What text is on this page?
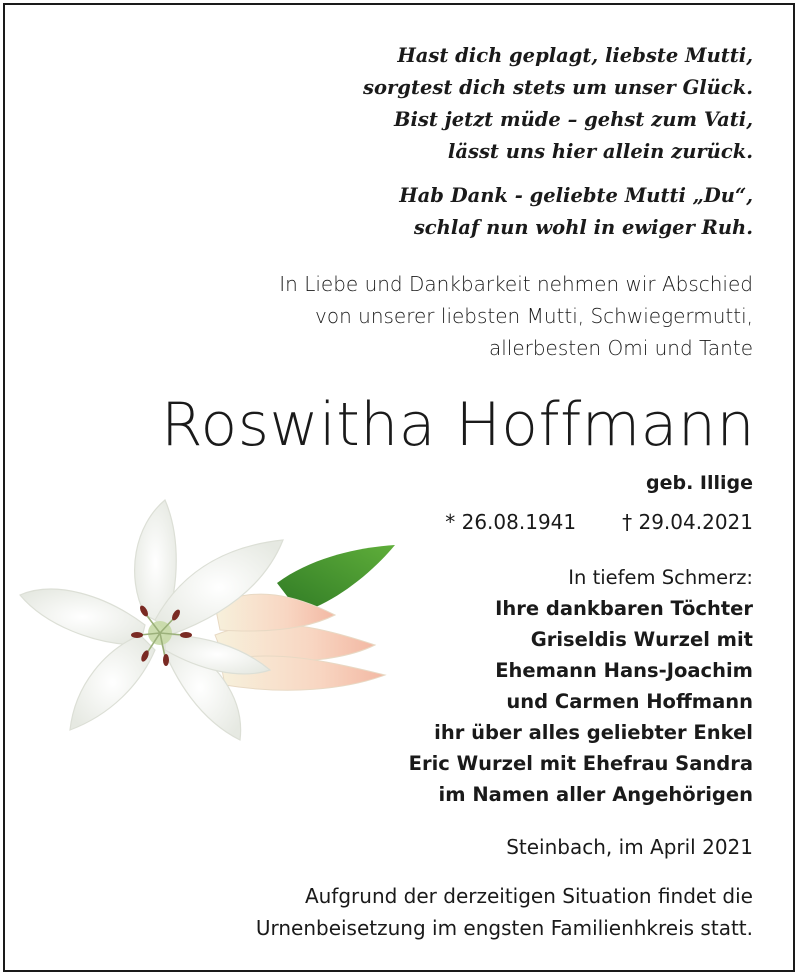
Hast dich geplagt, liebste Mutti,

sorgtest dich stets um unser Glück.

Bist jetzt müde – gehst zum Vati,

lässt uns hier allein zurück.

Hab Dank - geliebte Mutti „Du“,

schlaf nun wohl in ewiger Ruh.

In Liebe und Dankbarkeit nehmen wir Abschied
von unserer liebsten Mutti, Schwiegermutti,
allerbesten Omi und Tante
Roswitha Hoffmann
geb. Illige
* 26.08.1941 † 29.04.2021
In tiefem Schmerz:
Ihre dankbaren Töchter
Griseldis Wurzel mit
Ehemann Hans-Joachim
und Carmen Hoffmann
ihr über alles geliebter Enkel
Eric Wurzel mit Ehefrau Sandra
im Namen aller Angehörigen
Steinbach, im April 2021
Aufgrund der derzeitigen Situation findet die
Urnenbeisetzung im engsten Familienhkreis statt.
